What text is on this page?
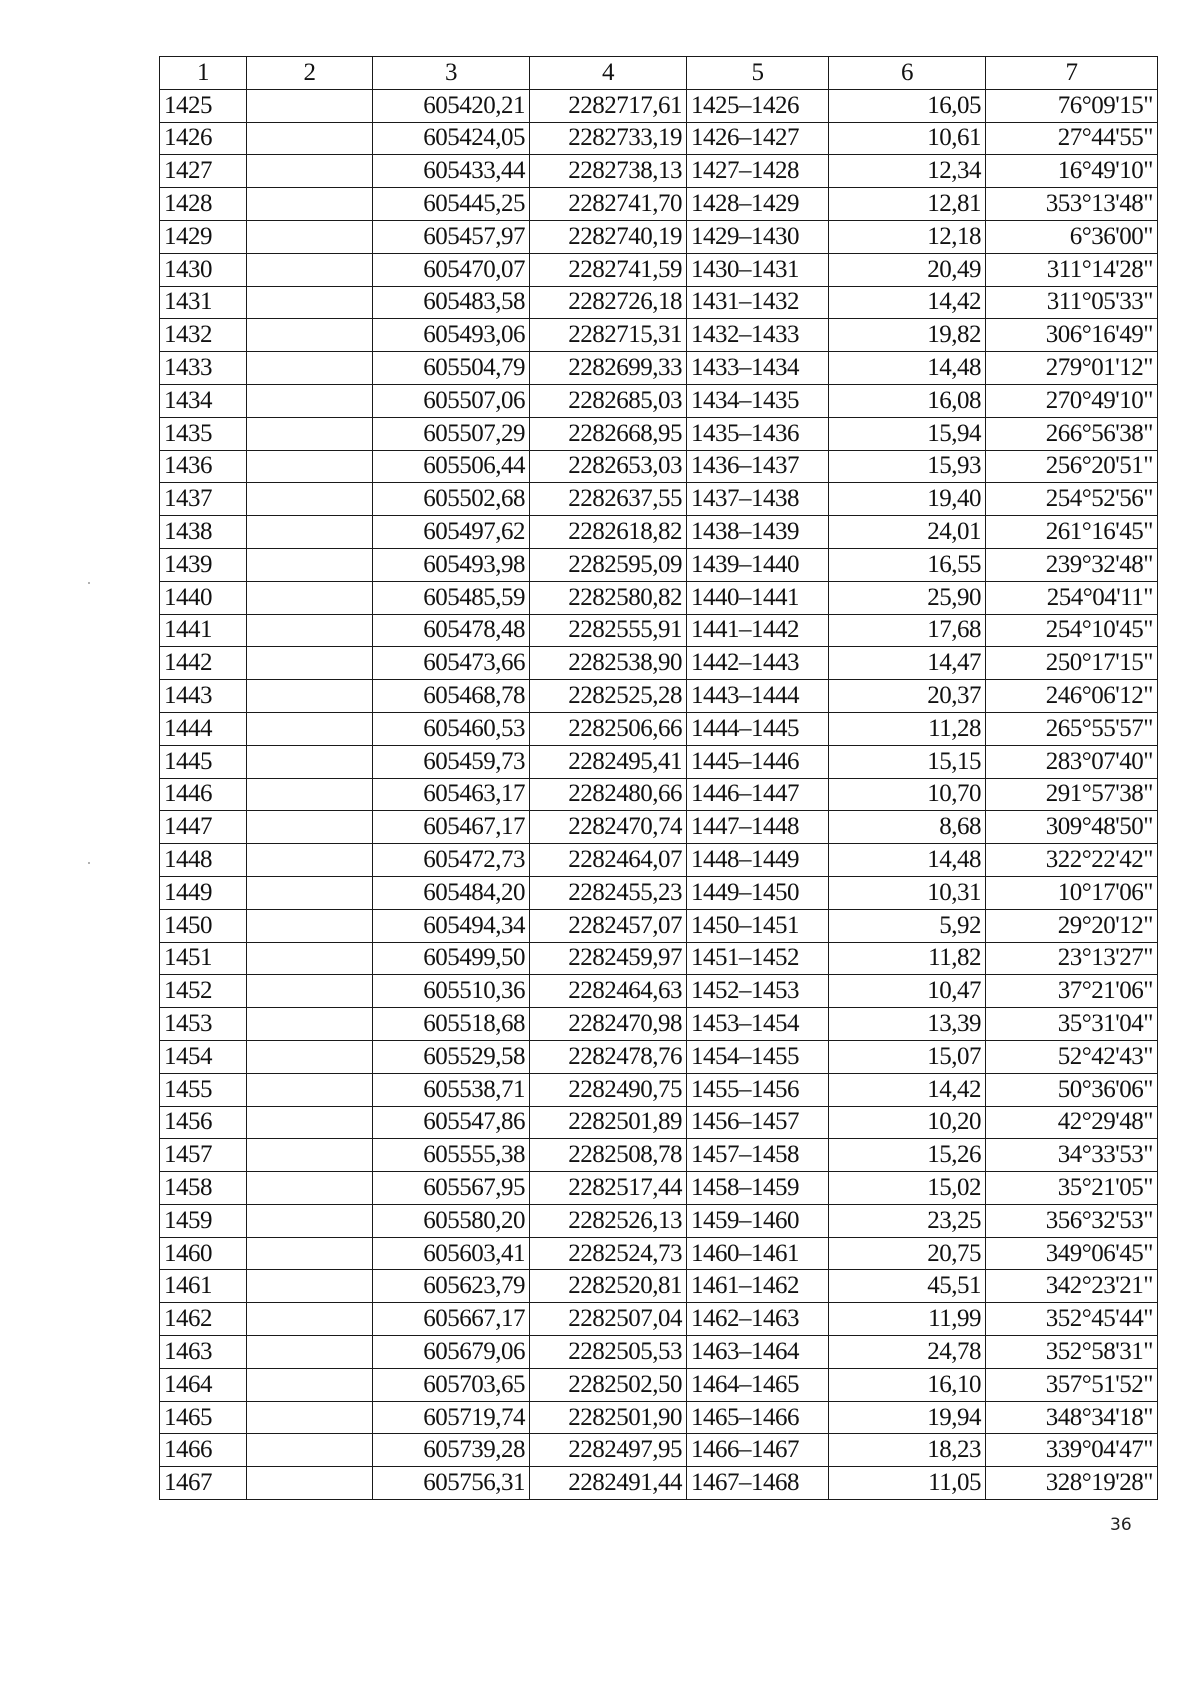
1	2	3	4	5	6	7
1425		605420,21	2282717,61	1425–1426	16,05	76°09'15"
1426		605424,05	2282733,19	1426–1427	10,61	27°44'55"
1427		605433,44	2282738,13	1427–1428	12,34	16°49'10"
1428		605445,25	2282741,70	1428–1429	12,81	353°13'48"
1429		605457,97	2282740,19	1429–1430	12,18	6°36'00"
1430		605470,07	2282741,59	1430–1431	20,49	311°14'28"
1431		605483,58	2282726,18	1431–1432	14,42	311°05'33"
1432		605493,06	2282715,31	1432–1433	19,82	306°16'49"
1433		605504,79	2282699,33	1433–1434	14,48	279°01'12"
1434		605507,06	2282685,03	1434–1435	16,08	270°49'10"
1435		605507,29	2282668,95	1435–1436	15,94	266°56'38"
1436		605506,44	2282653,03	1436–1437	15,93	256°20'51"
1437		605502,68	2282637,55	1437–1438	19,40	254°52'56"
1438		605497,62	2282618,82	1438–1439	24,01	261°16'45"
1439		605493,98	2282595,09	1439–1440	16,55	239°32'48"
1440		605485,59	2282580,82	1440–1441	25,90	254°04'11"
1441		605478,48	2282555,91	1441–1442	17,68	254°10'45"
1442		605473,66	2282538,90	1442–1443	14,47	250°17'15"
1443		605468,78	2282525,28	1443–1444	20,37	246°06'12"
1444		605460,53	2282506,66	1444–1445	11,28	265°55'57"
1445		605459,73	2282495,41	1445–1446	15,15	283°07'40"
1446		605463,17	2282480,66	1446–1447	10,70	291°57'38"
1447		605467,17	2282470,74	1447–1448	8,68	309°48'50"
1448		605472,73	2282464,07	1448–1449	14,48	322°22'42"
1449		605484,20	2282455,23	1449–1450	10,31	10°17'06"
1450		605494,34	2282457,07	1450–1451	5,92	29°20'12"
1451		605499,50	2282459,97	1451–1452	11,82	23°13'27"
1452		605510,36	2282464,63	1452–1453	10,47	37°21'06"
1453		605518,68	2282470,98	1453–1454	13,39	35°31'04"
1454		605529,58	2282478,76	1454–1455	15,07	52°42'43"
1455		605538,71	2282490,75	1455–1456	14,42	50°36'06"
1456		605547,86	2282501,89	1456–1457	10,20	42°29'48"
1457		605555,38	2282508,78	1457–1458	15,26	34°33'53"
1458		605567,95	2282517,44	1458–1459	15,02	35°21'05"
1459		605580,20	2282526,13	1459–1460	23,25	356°32'53"
1460		605603,41	2282524,73	1460–1461	20,75	349°06'45"
1461		605623,79	2282520,81	1461–1462	45,51	342°23'21"
1462		605667,17	2282507,04	1462–1463	11,99	352°45'44"
1463		605679,06	2282505,53	1463–1464	24,78	352°58'31"
1464		605703,65	2282502,50	1464–1465	16,10	357°51'52"
1465		605719,74	2282501,90	1465–1466	19,94	348°34'18"
1466		605739,28	2282497,95	1466–1467	18,23	339°04'47"
1467		605756,31	2282491,44	1467–1468	11,05	328°19'28"
36
